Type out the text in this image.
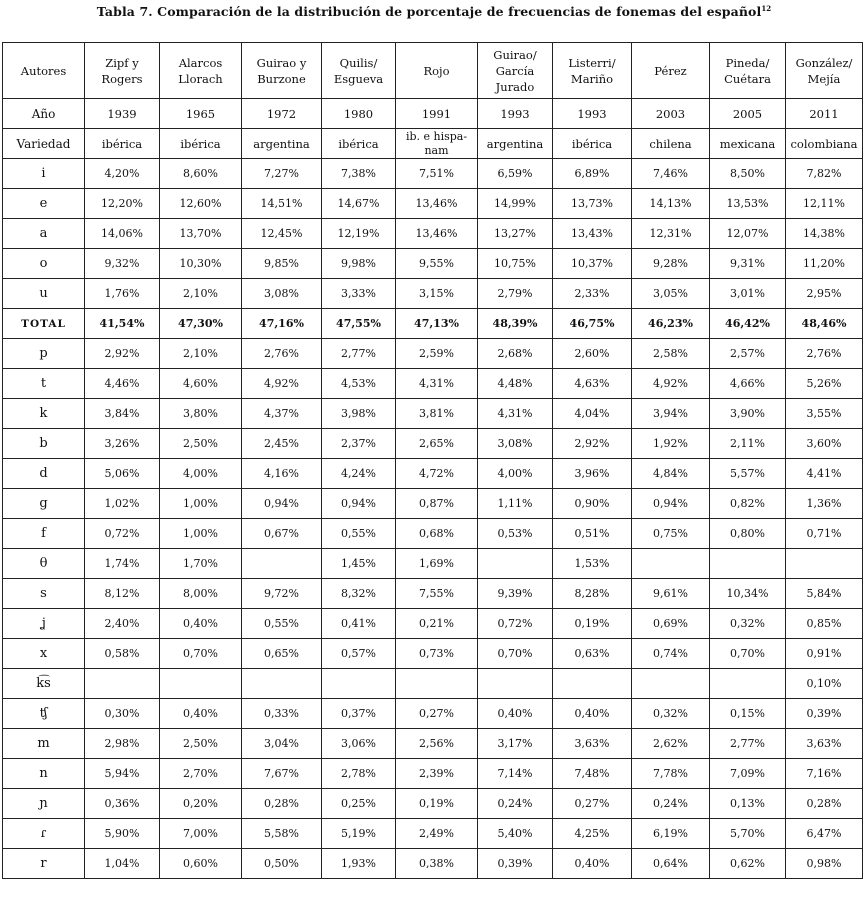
Tabla 7. Comparación de la distribución de porcentaje de frecuencias de fonemas del español$^{12}$
Autores	Zipf y Rogers	Alarcos Llorach	Guirao y Burzone	Quilis/ Esgueva	Rojo	Guirao/ García Jurado	Listerri/ Mariño	Pérez	Pineda/ Cuétara	González/ Mejía
Año	1939	1965	1972	1980	1991	1993	1993	2003	2005	2011
Variedad	ibérica	ibérica	argentina	ibérica	ib. e hispa-nam	argentina	ibérica	chilena	mexicana	colombiana
i	4,20%	8,60%	7,27%	7,38%	7,51%	6,59%	6,89%	7,46%	8,50%	7,82%
e	12,20%	12,60%	14,51%	14,67%	13,46%	14,99%	13,73%	14,13%	13,53%	12,11%
a	14,06%	13,70%	12,45%	12,19%	13,46%	13,27%	13,43%	12,31%	12,07%	14,38%
o	9,32%	10,30%	9,85%	9,98%	9,55%	10,75%	10,37%	9,28%	9,31%	11,20%
u	1,76%	2,10%	3,08%	3,33%	3,15%	2,79%	2,33%	3,05%	3,01%	2,95%
TOTAL	41,54%	47,30%	47,16%	47,55%	47,13%	48,39%	46,75%	46,23%	46,42%	48,46%
p	2,92%	2,10%	2,76%	2,77%	2,59%	2,68%	2,60%	2,58%	2,57%	2,76%
t	4,46%	4,60%	4,92%	4,53%	4,31%	4,48%	4,63%	4,92%	4,66%	5,26%
k	3,84%	3,80%	4,37%	3,98%	3,81%	4,31%	4,04%	3,94%	3,90%	3,55%
b	3,26%	2,50%	2,45%	2,37%	2,65%	3,08%	2,92%	1,92%	2,11%	3,60%
d	5,06%	4,00%	4,16%	4,24%	4,72%	4,00%	3,96%	4,84%	5,57%	4,41%
g	1,02%	1,00%	0,94%	0,94%	0,87%	1,11%	0,90%	0,94%	0,82%	1,36%
f	0,72%	1,00%	0,67%	0,55%	0,68%	0,53%	0,51%	0,75%	0,80%	0,71%
θ	1,74%	1,70%		1,45%	1,69%		1,53%			
s	8,12%	8,00%	9,72%	8,32%	7,55%	9,39%	8,28%	9,61%	10,34%	5,84%
ʝ	2,40%	0,40%	0,55%	0,41%	0,21%	0,72%	0,19%	0,69%	0,32%	0,85%
x	0,58%	0,70%	0,65%	0,57%	0,73%	0,70%	0,63%	0,74%	0,70%	0,91%
k͡s										0,10%
ʧ	0,30%	0,40%	0,33%	0,37%	0,27%	0,40%	0,40%	0,32%	0,15%	0,39%
m	2,98%	2,50%	3,04%	3,06%	2,56%	3,17%	3,63%	2,62%	2,77%	3,63%
n	5,94%	2,70%	7,67%	2,78%	2,39%	7,14%	7,48%	7,78%	7,09%	7,16%
ɲ	0,36%	0,20%	0,28%	0,25%	0,19%	0,24%	0,27%	0,24%	0,13%	0,28%
ɾ	5,90%	7,00%	5,58%	5,19%	2,49%	5,40%	4,25%	6,19%	5,70%	6,47%
r	1,04%	0,60%	0,50%	1,93%	0,38%	0,39%	0,40%	0,64%	0,62%	0,98%
